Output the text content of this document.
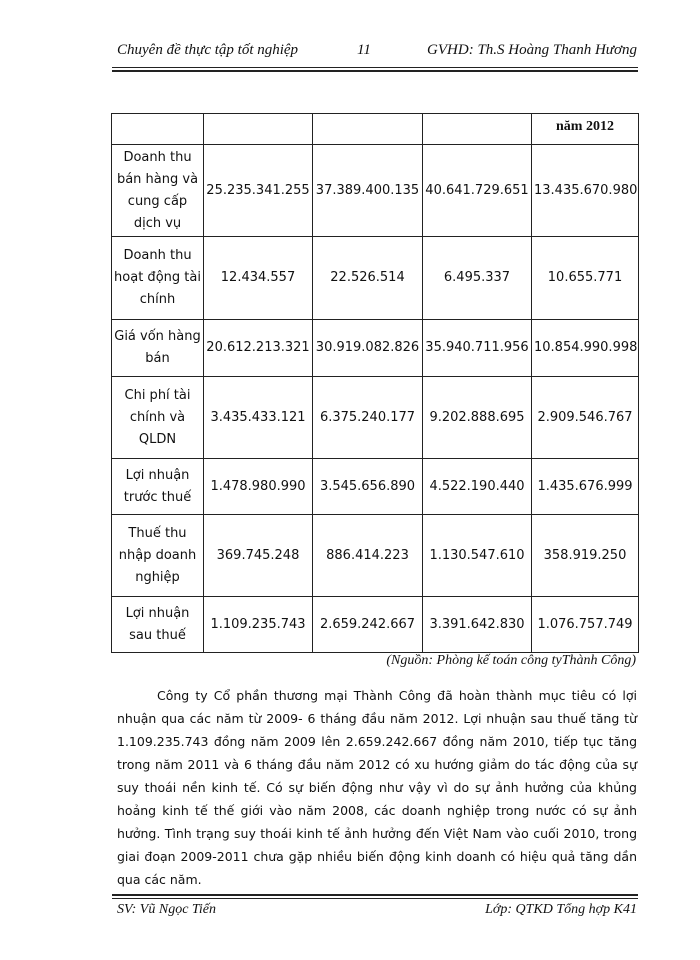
Chuyên đề thực tập tốt nghiệp	11	GVHD: Th.S Hoàng Thanh Hương
				năm 2012
Doanh thu bán hàng và cung cấp dịch vụ	25.235.341.255	37.389.400.135	40.641.729.651	13.435.670.980
Doanh thu hoạt động tài chính	12.434.557	22.526.514	6.495.337	10.655.771
Giá vốn hàng bán	20.612.213.321	30.919.082.826	35.940.711.956	10.854.990.998
Chi phí tài chính và QLDN	3.435.433.121	6.375.240.177	9.202.888.695	2.909.546.767
Lợi nhuận trước thuế	1.478.980.990	3.545.656.890	4.522.190.440	1.435.676.999
Thuế thu nhập doanh nghiệp	369.745.248	886.414.223	1.130.547.610	358.919.250
Lợi nhuận sau thuế	1.109.235.743	2.659.242.667	3.391.642.830	1.076.757.749
(Nguồn: Phòng kế toán công tyThành Công)

Công ty Cổ phần thương mại Thành Công đã hoàn thành mục tiêu có lợi nhuận qua các năm từ 2009- 6 tháng đầu năm 2012. Lợi nhuận sau thuế tăng từ 1.109.235.743 đồng năm 2009 lên 2.659.242.667 đồng năm 2010, tiếp tục tăng trong năm 2011 và 6 tháng đầu năm 2012 có xu hướng giảm do tác động của sự suy thoái nền kinh tế. Có sự biến động như vậy vì do sự ảnh hưởng của khủng hoảng kinh tế thế giới vào năm 2008, các doanh nghiệp trong nước có sự ảnh hưởng. Tình trạng suy thoái kinh tế ảnh hưởng đến Việt Nam vào cuối 2010, trong giai đoạn 2009-2011 chưa gặp nhiều biến động kinh doanh có hiệu quả tăng dần qua các năm.

SV: Vũ Ngọc Tiến	Lớp: QTKD Tổng hợp K41
